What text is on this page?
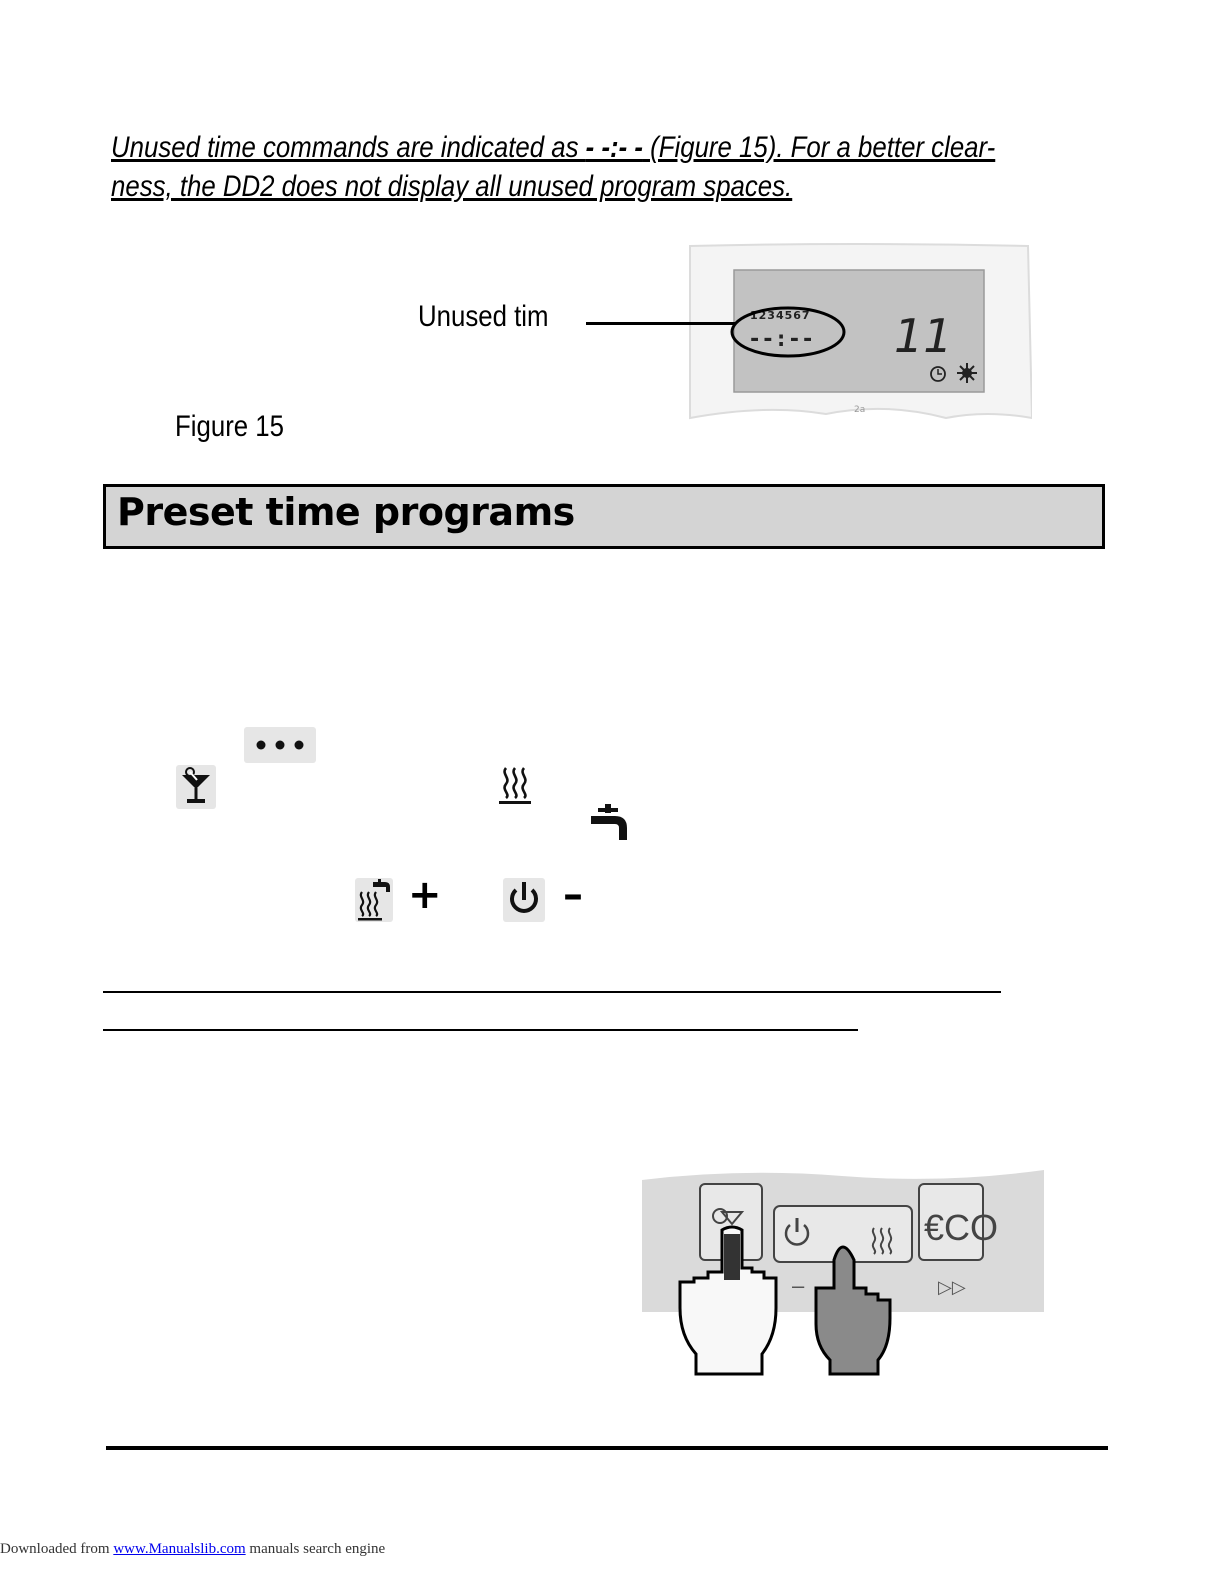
Unused time commands are indicated as - -:- - (Figure 15). For a better clear-
ness, the DD2 does not display all unused program spaces.
1234567
--:-- 11
2a
Unused tim
Figure 15
Preset time programs
+	–
€CO
–	▷▷
Downloaded from www.Manualslib.com manuals search engine
